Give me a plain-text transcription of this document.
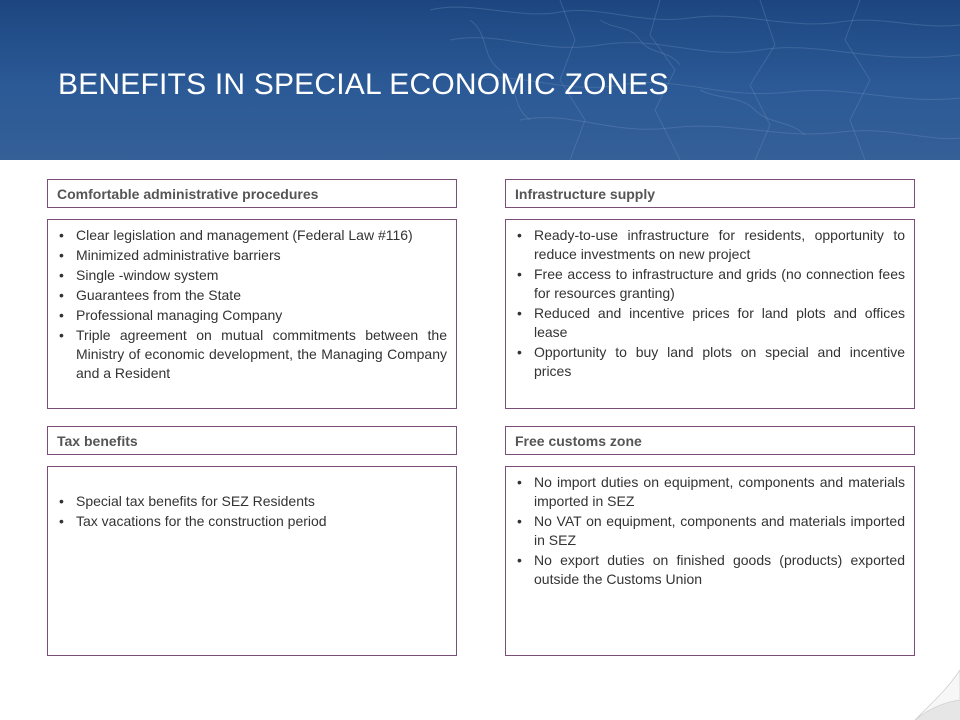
BENEFITS IN SPECIAL ECONOMIC ZONES
Comfortable administrative procedures
• Clear legislation and management (Federal Law #116)
• Minimized administrative barriers
• Single -window system
• Guarantees from the State
• Professional managing Company
• Triple agreement on mutual commitments between the Ministry of economic development, the Managing Company and a Resident
Infrastructure supply
• Ready-to-use infrastructure for residents, opportunity to reduce investments on new project
• Free access to infrastructure and grids (no connection fees for resources granting)
• Reduced and incentive prices for land plots and offices lease
• Opportunity to buy land plots on special and incentive prices
Tax benefits
• Special tax benefits for SEZ Residents
• Tax vacations for the construction period
Free customs zone
• No import duties on equipment, components and materials imported in SEZ
• No VAT on equipment, components and materials imported in SEZ
• No export duties on finished goods (products) exported outside the Customs Union
